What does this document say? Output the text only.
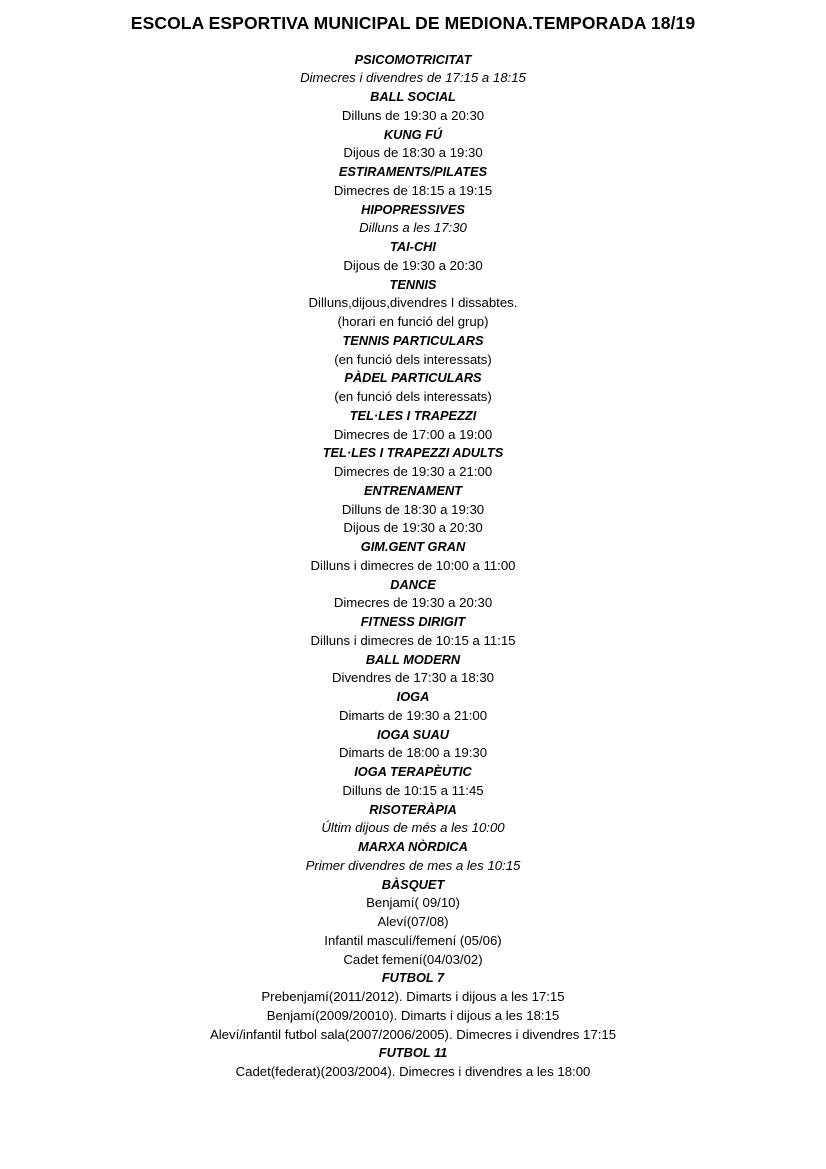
ESCOLA ESPORTIVA MUNICIPAL DE MEDIONA.TEMPORADA 18/19
PSICOMOTRICITAT
Dimecres i divendres de 17:15 a 18:15
BALL SOCIAL
Dilluns de 19:30 a 20:30
KUNG FÚ
Dijous de 18:30 a 19:30
ESTIRAMENTS/PILATES
Dimecres de 18:15 a 19:15
HIPOPRESSIVES
Dilluns a les 17:30
TAI-CHI
Dijous de 19:30 a 20:30
TENNIS
Dilluns,dijous,divendres I dissabtes.
(horari en funció del grup)
TENNIS PARTICULARS
(en funció dels interessats)
PÀDEL PARTICULARS
(en funció dels interessats)
TEL·LES I TRAPEZZI
Dimecres de 17:00 a 19:00
TEL·LES I TRAPEZZI ADULTS
Dimecres de 19:30 a 21:00
ENTRENAMENT
Dilluns de 18:30 a 19:30
Dijous de 19:30 a 20:30
GIM.GENT GRAN
Dilluns i dimecres de 10:00 a 11:00
DANCE
Dimecres de 19:30 a 20:30
FITNESS DIRIGIT
Dilluns i dimecres de 10:15 a 11:15
BALL MODERN
Divendres de 17:30 a 18:30
IOGA
Dimarts de 19:30 a 21:00
IOGA SUAU
Dimarts de 18:00 a 19:30
IOGA TERAPÈUTIC
Dilluns de 10:15 a 11:45
RISOTERÀPIA
Últim dijous de més a les 10:00
MARXA NÒRDICA
Primer divendres de mes a les 10:15
BÀSQUET
Benjamí( 09/10)
Aleví(07/08)
Infantil masculí/femení (05/06)
Cadet femení(04/03/02)
FUTBOL 7
Prebenjamí(2011/2012). Dimarts i dijous a les 17:15
Benjamí(2009/20010). Dimarts i dijous a les 18:15
Aleví/infantil futbol sala(2007/2006/2005). Dimecres i divendres 17:15
FUTBOL 11
Cadet(federat)(2003/2004). Dimecres i divendres a les 18:00
